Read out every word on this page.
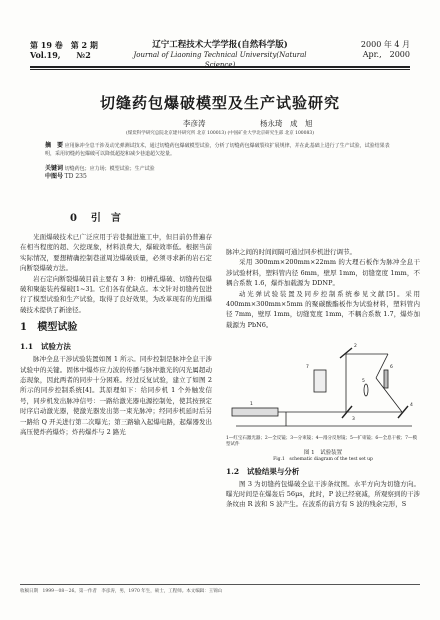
第 19 卷　第 2 期
Vol.19,　　№2
辽宁工程技术大学学报(自然科学版)
Journal of Liaoning Technical University(Natural Science)
2000 年 4 月
Apr.,　2000
切缝药包爆破模型及生产试验研究
李彦涛	杨永琦　成　旭
(煤炭科学研究总院北京建井研究所 北京 100013) (中国矿业大学北京研究生部 北京 100083)
摘　要 应用脉冲全息干涉及动光弹测试技术，通过切缝药包爆破模型试验，分析了切缝药包爆破裂纹扩展规律，并在此基础上进行了生产试验，试验结果表明，采用切缝药包爆破可以降低超挖和减少巷道超欠挖量。
关键词 切缝药包；应力场；模型试验；生产试验
中图号 TD 235
0 引　言

光面爆破技术已广泛应用于岩巷掘进施工中，但目前仍普遍存在相当程度的超、欠挖现象，材料浪费大，爆破效率低。根据当前实际情况，要想精确控制巷道周边爆破质量，必须寻求新的岩石定向断裂爆破方法。

岩石定向断裂爆破目前主要有 3 种：切槽孔爆破、切缝药包爆破和聚能装药爆破[1~3]。它们各有优缺点。本文针对切缝药包进行了模型试验和生产试验，取得了良好效果，为改革现有的光面爆破技术提供了新途径。

1 模型试验
1.1 试验方法

脉冲全息干涉试验装置如图 1 所示。同步控制是脉冲全息干涉试验中的关键。固体中爆炸应力波的传播与脉冲激光的闪光属超动态现象，因此两者的同步十分困难。经过反复试验，建立了如图 2 所示的同步控制系统[4]。其原理如下：给同步机 1 个外触发信号，同步机发出脉冲信号：一路给激光器电源控制处，使其按预定时序启动激光器，使激光器发出第一束光脉冲；经同步机延时后另一路给 Q 开关进行第二次曝光；第三路输入起爆电路，起爆器发出高压使炸药爆炸；炸药爆炸与 2 路光

脉冲之间的时间间隔可通过同步机进行调节。

采用 300mm×200mm×22mm 的大理石板作为脉冲全息干涉试验材料，塑料管内径 6mm，壁厚 1mm，切缝宽度 1mm，不耦合系数 1.6，爆炸加载源为 DDNP。

动光弹试验装置及同步控制系统参见文献[5]。采用 400mm×300mm×5mm 的聚碳酸酯板作为试验材料，塑料管内径 7mm，壁厚 1mm，切缝宽度 1mm，不耦合系数 1.7，爆炸加载源为 PbN6。

1
2
3
4
5
6
7
1—红宝石激光器；2—全反镜；3—分束镜；4—漫分反射镜；5—扩束镜；6—全息干板；7—模型试件
图 1　试验装置
Fig.1　schematic diagram of the test set up
1.2 试验结果与分析

图 3 为切缝药包爆破全息干涉条纹图。水平方向为切缝方向。曝光时间是在爆轰后 56μs，此时，P 波已经衰减，所观察到的干涉条纹由 R 波和 S 波产生。在波系的前方有 S 波的残余完形，S

收稿日期　1999－08－26。第一作者　李彦涛，男，1970 年生，硕士，工程师。本文编辑：王锦山
